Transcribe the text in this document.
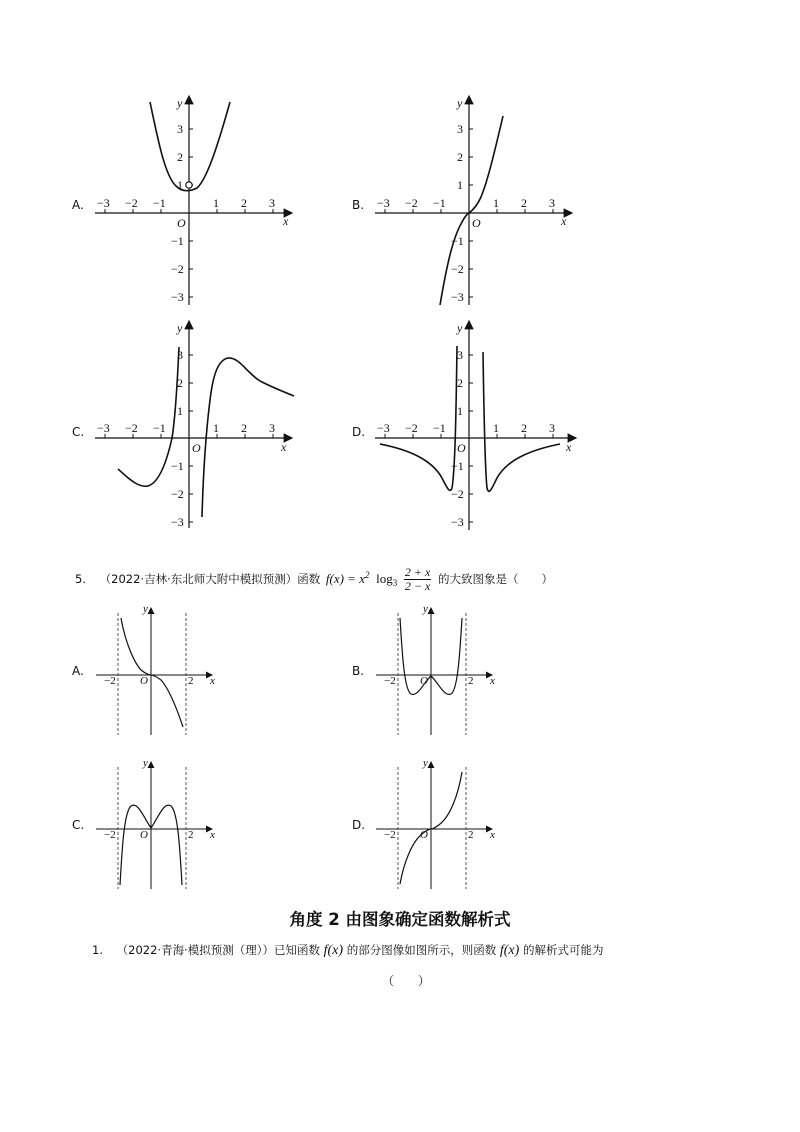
A.	B.
C.	D.
−3 −2 −1	1 2 3
3
2
1
−1
−2
−3
O	x
y
−3 −2 −1	1 2 3
3
2
1
−1
−2
−3
O	x
y
−3 −2 −1	1 2 3
3
2
1
−1
−2
−3
O	x
y
−3 −2 −1	1 2 3
3
2
1
−1
−2
−3
O	x
y
5. （2022·吉林·东北师大附中模拟预测）函数 $f(x) = x^2$ $\log_3 \frac{2 + x}{2 - x}$ 的大致图象是（　　）
A.	B.
C.	D.
−2	2
O	x
y
−2	2
O	x
y
−2	2
O	x
y
−2	2
O	x
y
角度 2 由图象确定函数解析式
1. （2022·青海·模拟预测（理））已知函数 f(x) 的部分图像如图所示，则函数 f(x) 的解析式可能为
（　　）
